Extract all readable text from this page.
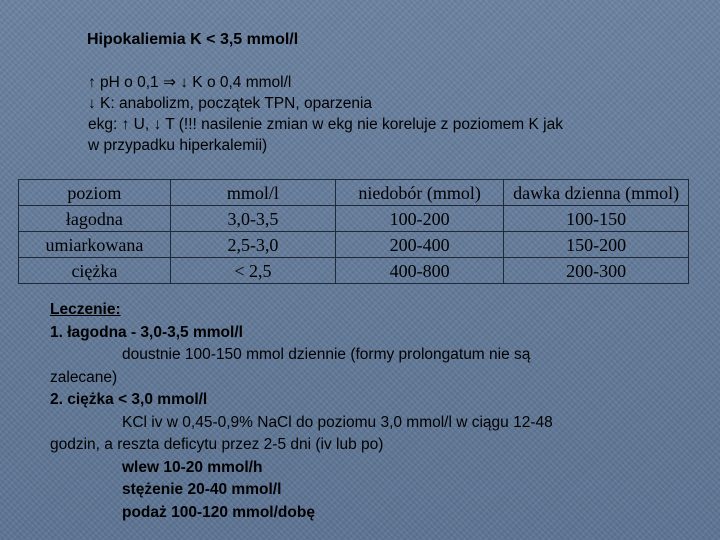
Hipokaliemia K < 3,5 mmol/l
↑ pH o 0,1 ⇒ ↓ K o 0,4 mmol/l
↓ K: anabolizm, początek TPN, oparzenia
ekg: ↑ U, ↓ T (!!! nasilenie zmian w ekg nie koreluje z poziomem K jak
w przypadku hiperkalemii)
poziom	mmol/l	niedobór (mmol)	dawka dzienna (mmol)
łagodna	3,0-3,5	100-200	100-150
umiarkowana	2,5-3,0	200-400	150-200
ciężka	< 2,5	400-800	200-300
Leczenie:
1. łagodna - 3,0-3,5 mmol/l
doustnie 100-150 mmol dziennie (formy prolongatum nie są
zalecane)
2. ciężka < 3,0 mmol/l
KCl iv w 0,45-0,9% NaCl do poziomu 3,0 mmol/l w ciągu 12-48
godzin, a reszta deficytu przez 2-5 dni (iv lub po)
wlew 10-20 mmol/h
stężenie 20-40 mmol/l
podaż 100-120 mmol/dobę
